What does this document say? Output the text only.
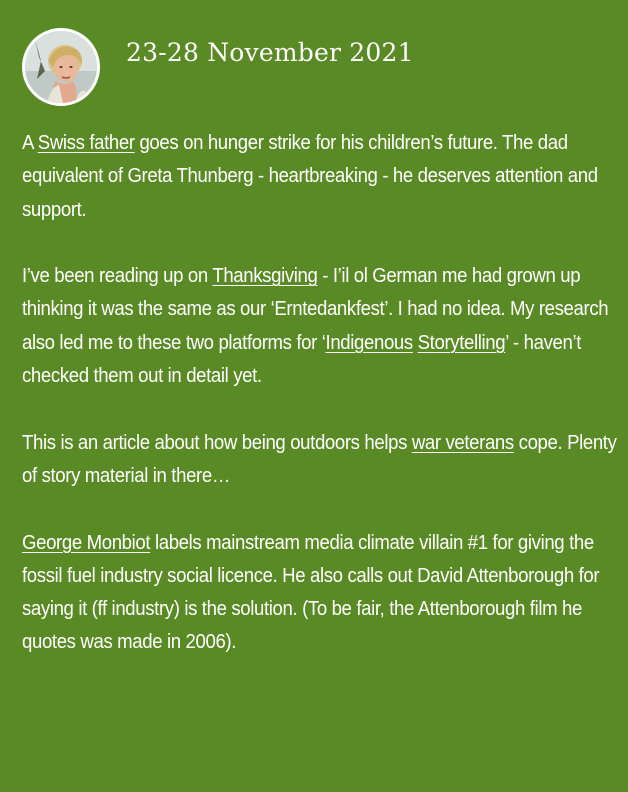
23-28 November 2021

A Swiss father goes on hunger strike for his children’s future. The dad equivalent of Greta Thunberg - heartbreaking - he deserves attention and support.

I’ve been reading up on Thanksgiving - I’il ol German me had grown up thinking it was the same as our ‘Erntedankfest’. I had no idea. My research also led me to these two platforms for ‘Indigenous Storytelling’ - haven’t checked them out in detail yet.

This is an article about how being outdoors helps war veterans cope. Plenty of story material in there…

George Monbiot labels mainstream media climate villain #1 for giving the fossil fuel industry social licence. He also calls out David Attenborough for saying it (ff industry) is the solution. (To be fair, the Attenborough film he quotes was made in 2006).
